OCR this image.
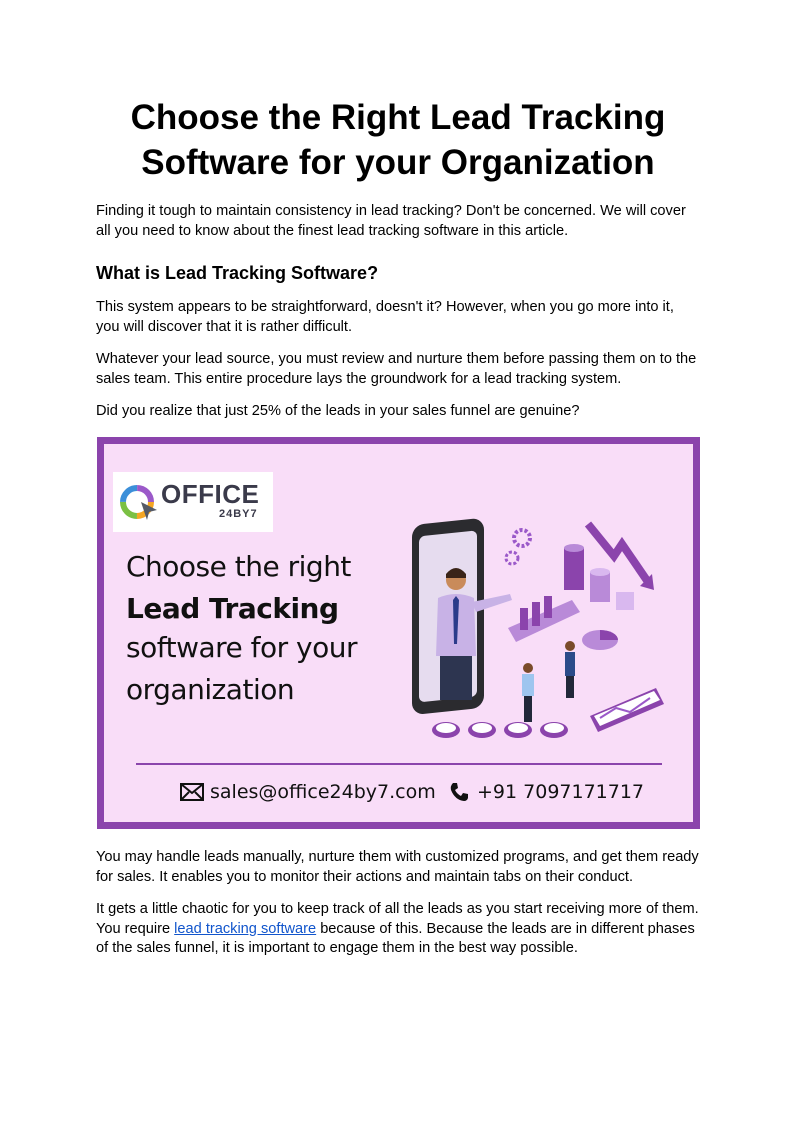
Choose the Right Lead Tracking
Software for your Organization

Finding it tough to maintain consistency in lead tracking? Don't be concerned. We will cover all you need to know about the finest lead tracking software in this article.

What is Lead Tracking Software?

This system appears to be straightforward, doesn't it? However, when you go more into it, you will discover that it is rather difficult.

Whatever your lead source, you must review and nurture them before passing them on to the sales team. This entire procedure lays the groundwork for a lead tracking system.

Did you realize that just 25% of the leads in your sales funnel are genuine?

You may handle leads manually, nurture them with customized programs, and get them ready for sales. It enables you to monitor their actions and maintain tabs on their conduct.

It gets a little chaotic for you to keep track of all the leads as you start receiving more of them. You require lead tracking software because of this. Because the leads are in different phases of the sales funnel, it is important to engage them in the best way possible.

OFFICE
24BY7
Choose the right
Lead Tracking
software for your
organization
sales@office24by7.com +91 7097171717
